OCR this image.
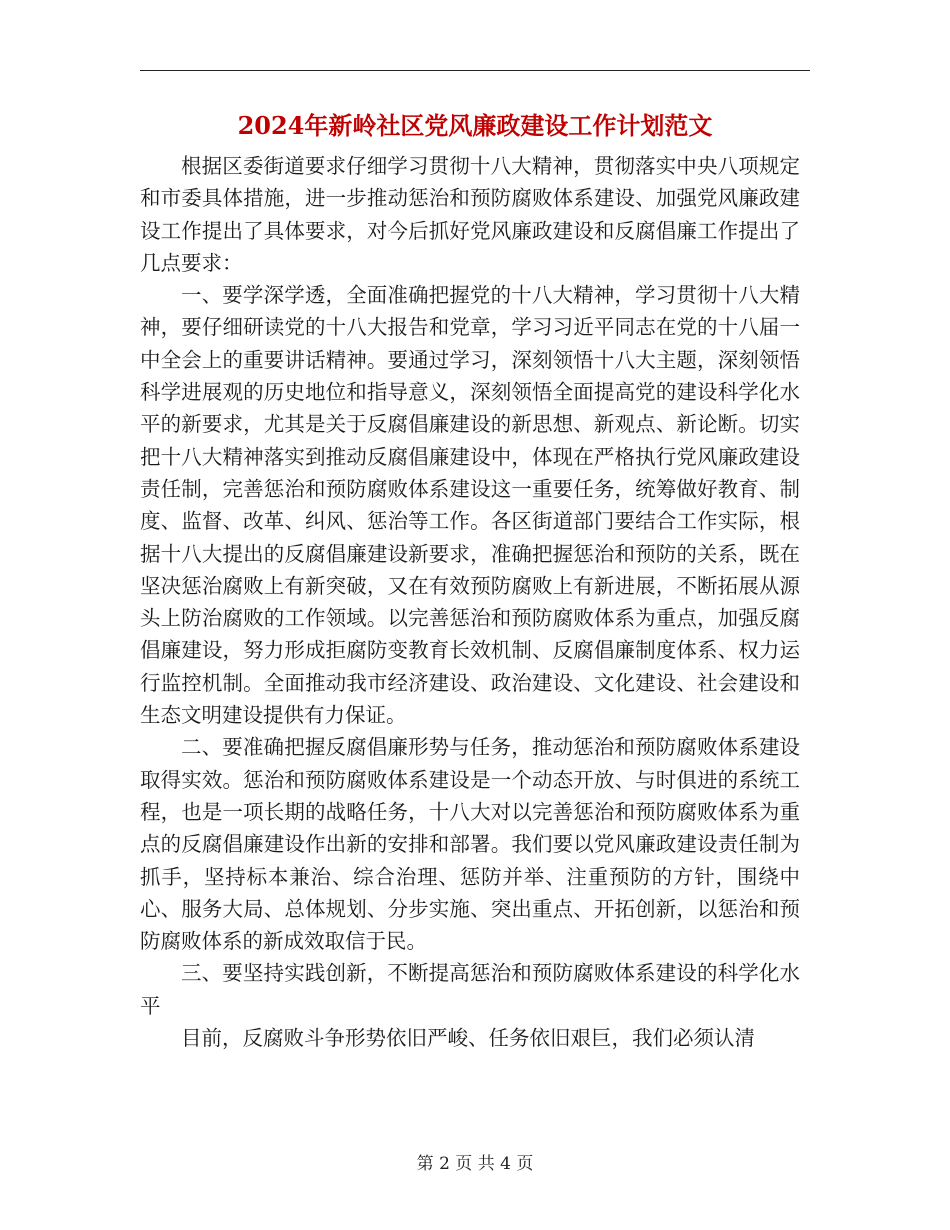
2024年新岭社区党风廉政建设工作计划范文

根据区委街道要求仔细学习贯彻十八大精神，贯彻落实中央八项规定和市委具体措施，进一步推动惩治和预防腐败体系建设、加强党风廉政建设工作提出了具体要求，对今后抓好党风廉政建设和反腐倡廉工作提出了几点要求：

一、要学深学透，全面准确把握党的十八大精神，学习贯彻十八大精神，要仔细研读党的十八大报告和党章，学习习近平同志在党的十八届一中全会上的重要讲话精神。要通过学习，深刻领悟十八大主题，深刻领悟科学进展观的历史地位和指导意义，深刻领悟全面提高党的建设科学化水平的新要求，尤其是关于反腐倡廉建设的新思想、新观点、新论断。切实把十八大精神落实到推动反腐倡廉建设中，体现在严格执行党风廉政建设责任制，完善惩治和预防腐败体系建设这一重要任务，统筹做好教育、制度、监督、改革、纠风、惩治等工作。各区街道部门要结合工作实际，根据十八大提出的反腐倡廉建设新要求，准确把握惩治和预防的关系，既在坚决惩治腐败上有新突破，又在有效预防腐败上有新进展，不断拓展从源头上防治腐败的工作领域。以完善惩治和预防腐败体系为重点，加强反腐倡廉建设，努力形成拒腐防变教育长效机制、反腐倡廉制度体系、权力运行监控机制。全面推动我市经济建设、政治建设、文化建设、社会建设和生态文明建设提供有力保证。

二、要准确把握反腐倡廉形势与任务，推动惩治和预防腐败体系建设取得实效。惩治和预防腐败体系建设是一个动态开放、与时俱进的系统工程，也是一项长期的战略任务，十八大对以完善惩治和预防腐败体系为重点的反腐倡廉建设作出新的安排和部署。我们要以党风廉政建设责任制为抓手，坚持标本兼治、综合治理、惩防并举、注重预防的方针，围绕中心、服务大局、总体规划、分步实施、突出重点、开拓创新，以惩治和预防腐败体系的新成效取信于民。

三、要坚持实践创新，不断提高惩治和预防腐败体系建设的科学化水平

目前，反腐败斗争形势依旧严峻、任务依旧艰巨，我们必须认清

第 2 页 共 4 页
